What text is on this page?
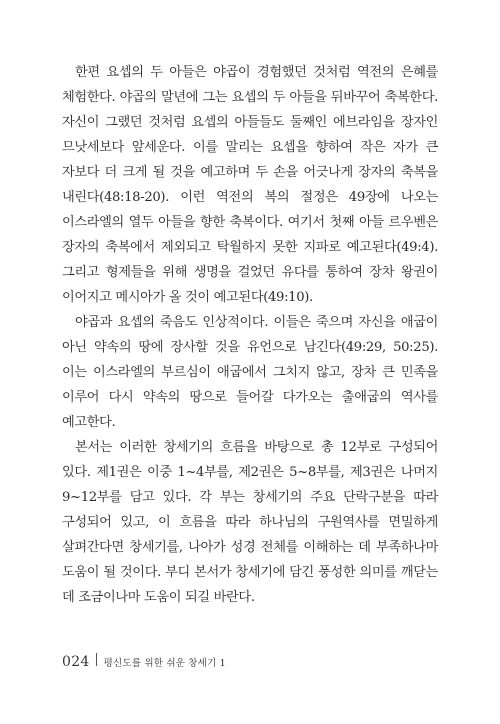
한편 요셉의 두 아들은 야곱이 경험했던 것처럼 역전의 은혜를 체험한다. 야곱의 말년에 그는 요셉의 두 아들을 뒤바꾸어 축복한다. 자신이 그랬던 것처럼 요셉의 아들들도 둘째인 에브라임을 장자인 므낫세보다 앞세운다. 이를 말리는 요셉을 향하여 작은 자가 큰 자보다 더 크게 될 것을 예고하며 두 손을 어긋나게 장자의 축복을 내린다(48:18-20). 이런 역전의 복의 절정은 49장에 나오는 이스라엘의 열두 아들을 향한 축복이다. 여기서 첫째 아들 르우벤은 장자의 축복에서 제외되고 탁월하지 못한 지파로 예고된다(49:4). 그리고 형제들을 위해 생명을 걸었던 유다를 통하여 장차 왕권이 이어지고 메시아가 올 것이 예고된다(49:10).

야곱과 요셉의 죽음도 인상적이다. 이들은 죽으며 자신을 애굽이 아닌 약속의 땅에 장사할 것을 유언으로 남긴다(49:29, 50:25). 이는 이스라엘의 부르심이 애굽에서 그치지 않고, 장차 큰 민족을 이루어 다시 약속의 땅으로 들어갈 다가오는 출애굽의 역사를 예고한다.

본서는 이러한 창세기의 흐름을 바탕으로 총 12부로 구성되어 있다. 제1권은 이중 1~4부를, 제2권은 5~8부를, 제3권은 나머지 9~12부를 담고 있다. 각 부는 창세기의 주요 단락구분을 따라 구성되어 있고, 이 흐름을 따라 하나님의 구원역사를 면밀하게 살펴간다면 창세기를, 나아가 성경 전체를 이해하는 데 부족하나마 도움이 될 것이다. 부디 본서가 창세기에 담긴 풍성한 의미를 깨닫는 데 조금이나마 도움이 되길 바란다.

024 평신도를 위한 쉬운 창세기 1
